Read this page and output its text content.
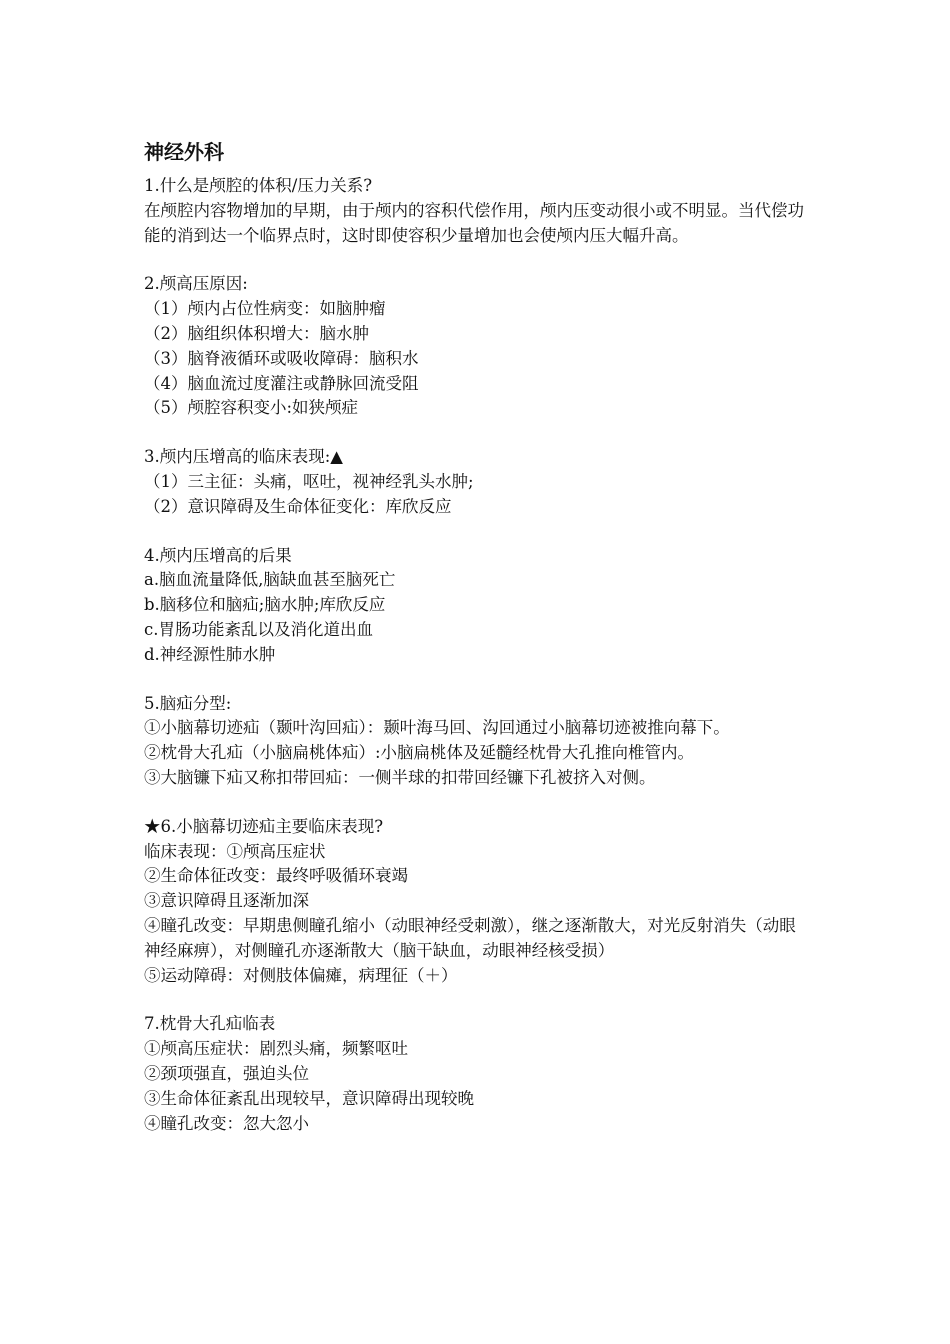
神经外科
1.什么是颅腔的体积/压力关系?
在颅腔内容物增加的早期，由于颅内的容积代偿作用，颅内压变动很小或不明显。当代偿功能的消到达一个临界点时，这时即使容积少量增加也会使颅内压大幅升高。
2.颅高压原因:
（1）颅内占位性病变：如脑肿瘤
（2）脑组织体积增大：脑水肿
（3）脑脊液循环或吸收障碍：脑积水
（4）脑血流过度灌注或静脉回流受阻
（5）颅腔容积变小:如狭颅症
3.颅内压增高的临床表现:▲
（1）三主征：头痛，呕吐，视神经乳头水肿;
（2）意识障碍及生命体征变化：库欣反应
4.颅内压增高的后果
a.脑血流量降低,脑缺血甚至脑死亡
b.脑移位和脑疝;脑水肿;库欣反应
c.胃肠功能紊乱以及消化道出血
d.神经源性肺水肿
5.脑疝分型:
①小脑幕切迹疝（颞叶沟回疝）：颞叶海马回、沟回通过小脑幕切迹被推向幕下。
②枕骨大孔疝（小脑扁桃体疝）:小脑扁桃体及延髓经枕骨大孔推向椎管内。
③大脑镰下疝又称扣带回疝：一侧半球的扣带回经镰下孔被挤入对侧。
★6.小脑幕切迹疝主要临床表现?
临床表现：①颅高压症状
②生命体征改变：最终呼吸循环衰竭
③意识障碍且逐渐加深
④瞳孔改变：早期患侧瞳孔缩小（动眼神经受刺激），继之逐渐散大，对光反射消失（动眼神经麻痹），对侧瞳孔亦逐渐散大（脑干缺血，动眼神经核受损）
⑤运动障碍：对侧肢体偏瘫，病理征（＋）
7.枕骨大孔疝临表
①颅高压症状：剧烈头痛，频繁呕吐
②颈项强直，强迫头位
③生命体征紊乱出现较早，意识障碍出现较晚
④瞳孔改变：忽大忽小
